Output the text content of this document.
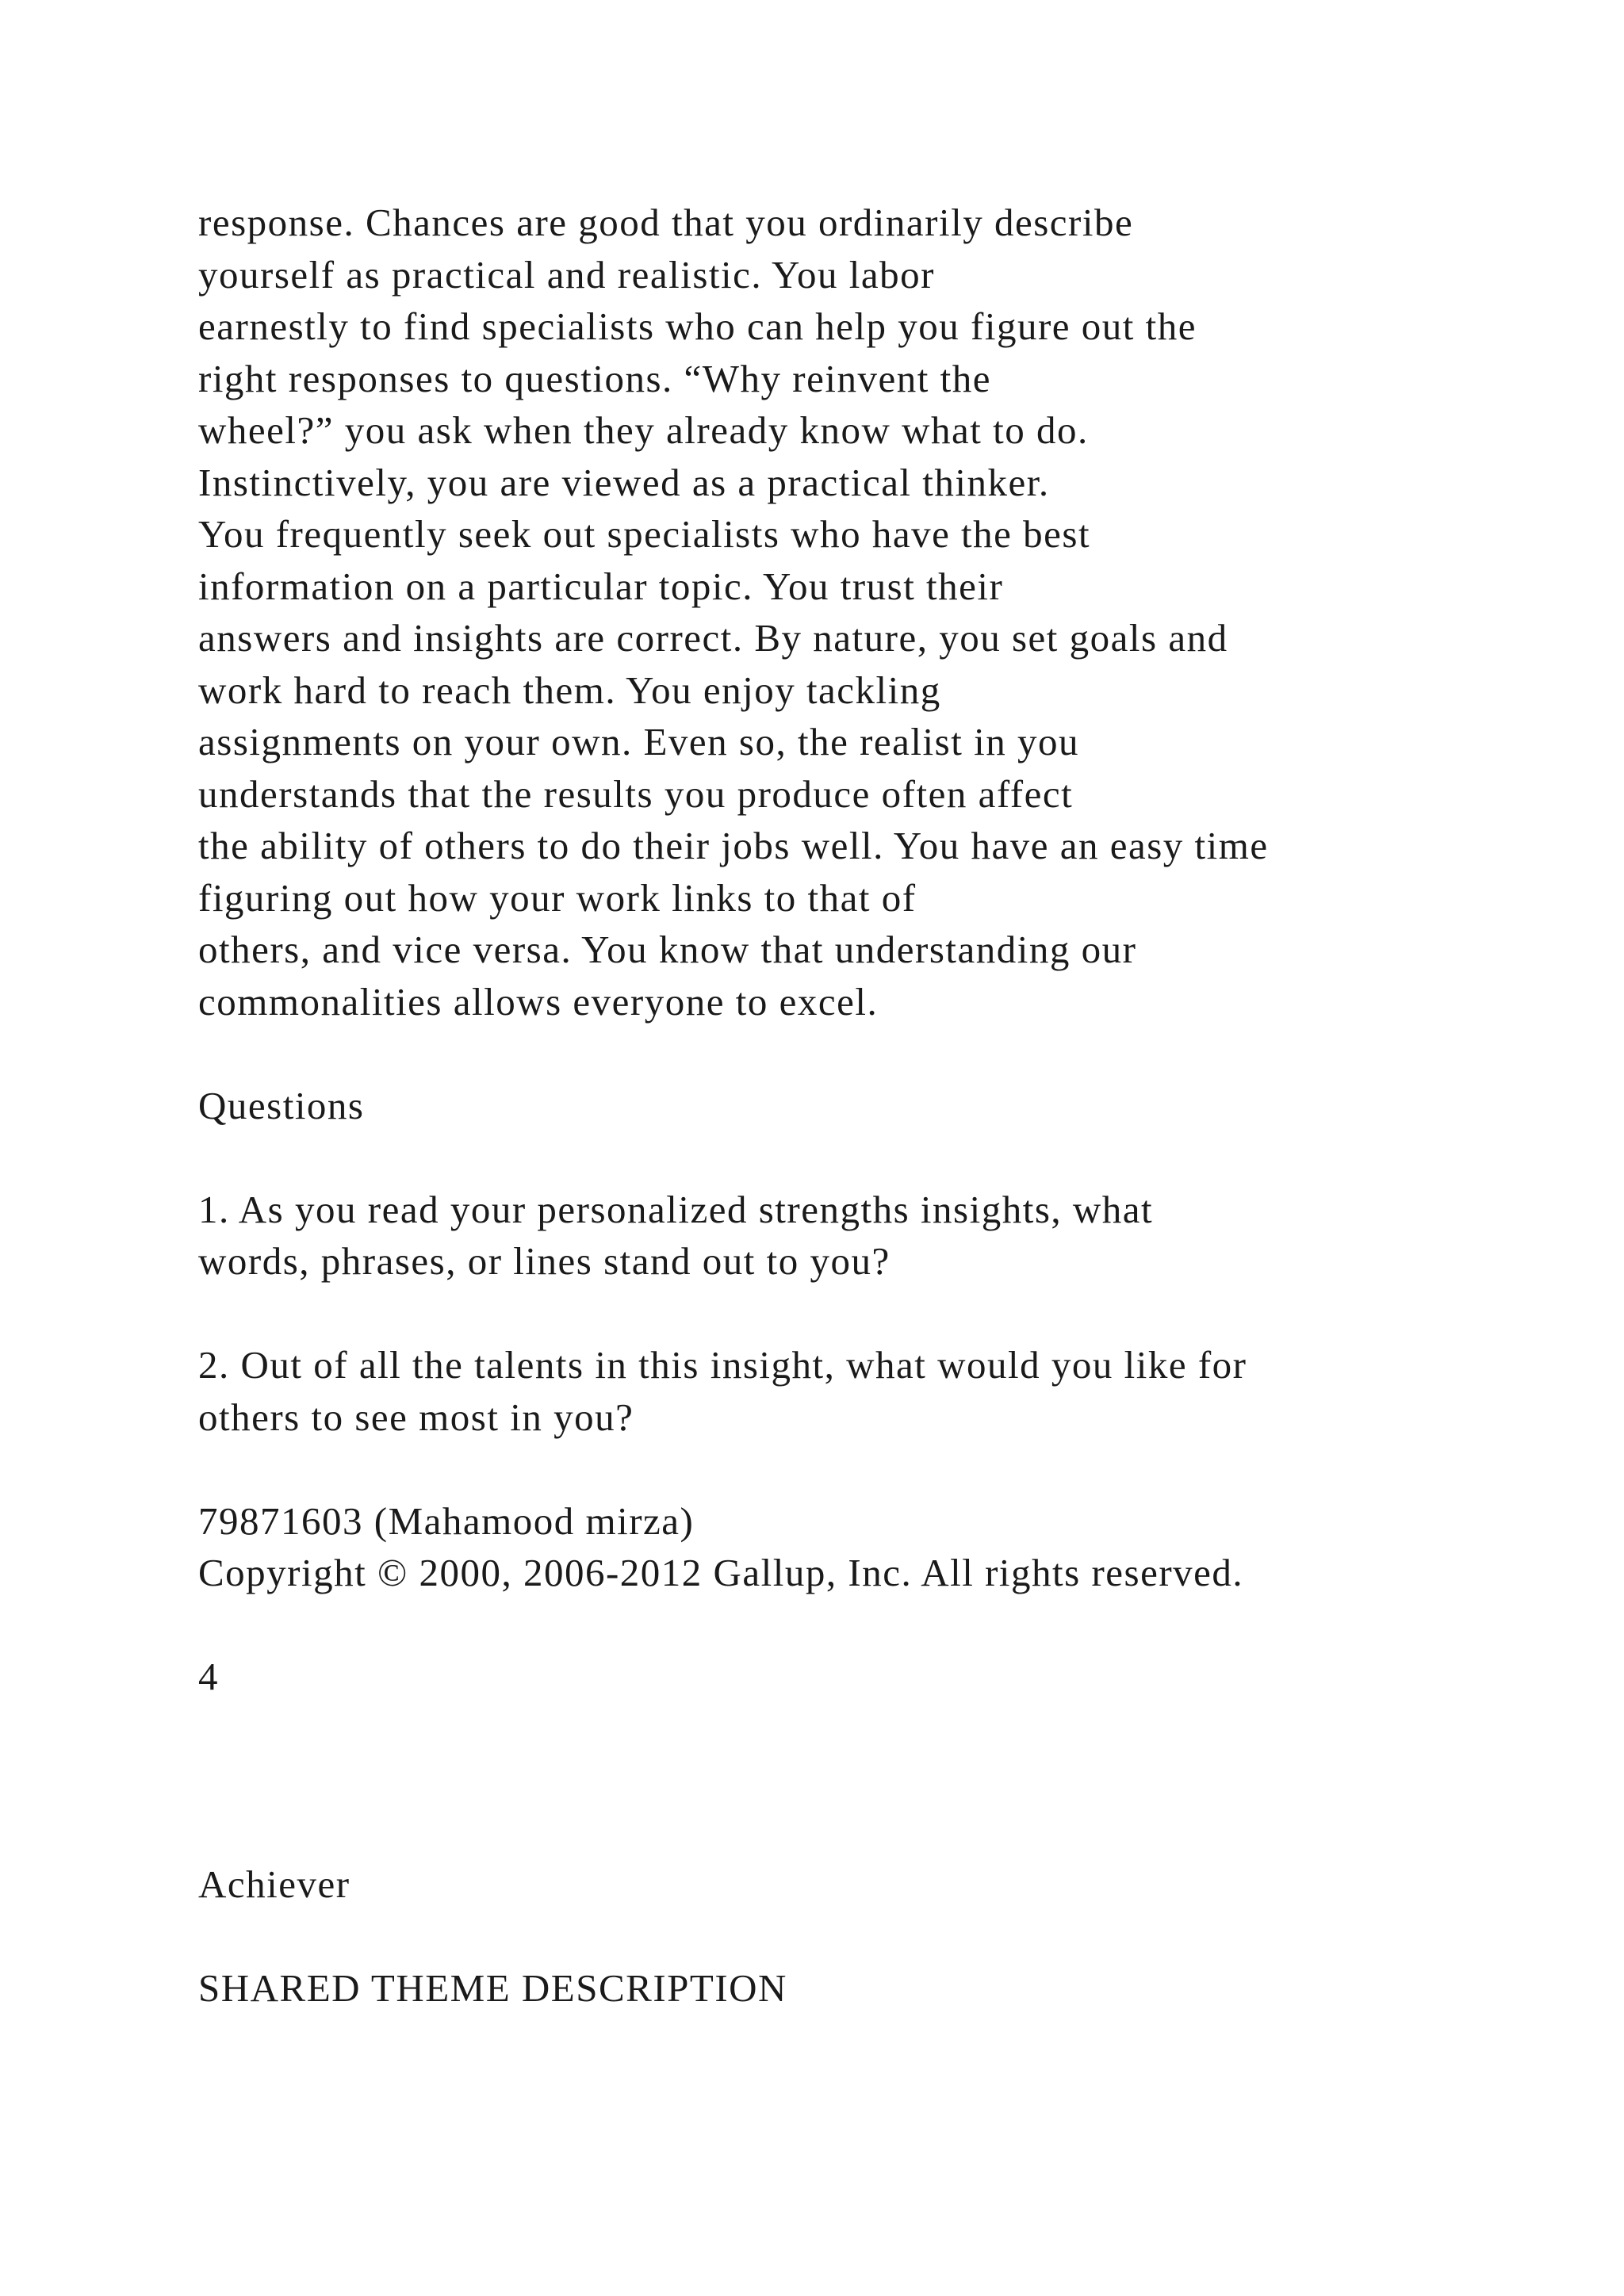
response. Chances are good that you ordinarily describe
yourself as practical and realistic. You labor
earnestly to find specialists who can help you figure out the
right responses to questions. “Why reinvent the
wheel?” you ask when they already know what to do.
Instinctively, you are viewed as a practical thinker.
You frequently seek out specialists who have the best
information on a particular topic. You trust their
answers and insights are correct. By nature, you set goals and
work hard to reach them. You enjoy tackling
assignments on your own. Even so, the realist in you
understands that the results you produce often affect
the ability of others to do their jobs well. You have an easy time
figuring out how your work links to that of
others, and vice versa. You know that understanding our
commonalities allows everyone to excel.
Questions
1. As you read your personalized strengths insights, what
words, phrases, or lines stand out to you?
2. Out of all the talents in this insight, what would you like for
others to see most in you?
79871603 (Mahamood mirza)
Copyright © 2000, 2006-2012 Gallup, Inc. All rights reserved.
4
Achiever
SHARED THEME DESCRIPTION
